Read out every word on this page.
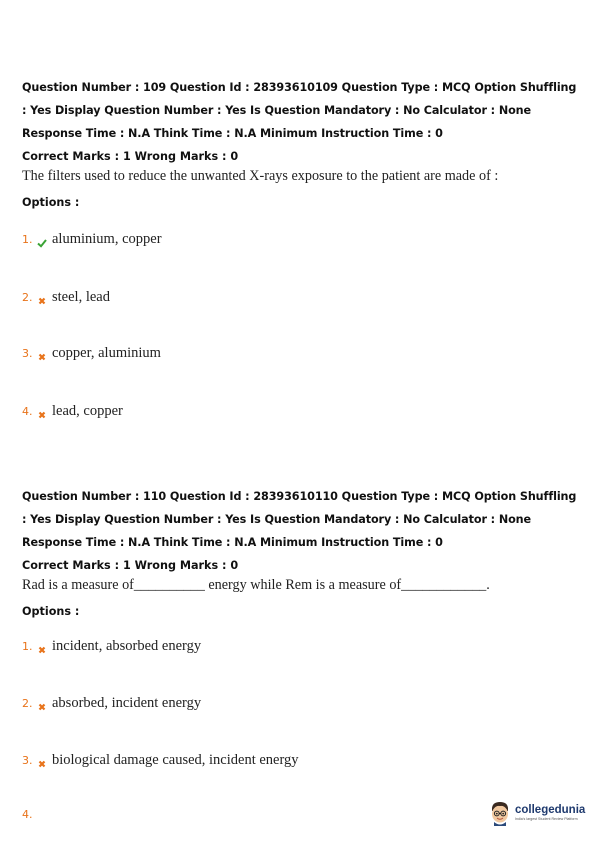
Question Number : 109 Question Id : 28393610109 Question Type : MCQ Option Shuffling : Yes Display Question Number : Yes Is Question Mandatory : No Calculator : None Response Time : N.A Think Time : N.A Minimum Instruction Time : 0
Correct Marks : 1 Wrong Marks : 0
The filters used to reduce the unwanted X-rays exposure to the patient are made of :
Options :
1.	aluminium, copper
2.	steel, lead
3.	copper, aluminium
4.	lead, copper
Question Number : 110 Question Id : 28393610110 Question Type : MCQ Option Shuffling : Yes Display Question Number : Yes Is Question Mandatory : No Calculator : None Response Time : N.A Think Time : N.A Minimum Instruction Time : 0
Correct Marks : 1 Wrong Marks : 0
Rad is a measure of__________ energy while Rem is a measure of____________.
Options :
1.	incident, absorbed energy
2.	absorbed, incident energy
3.	biological damage caused, incident energy
4.	collegedunia
India's largest Student Review Platform
